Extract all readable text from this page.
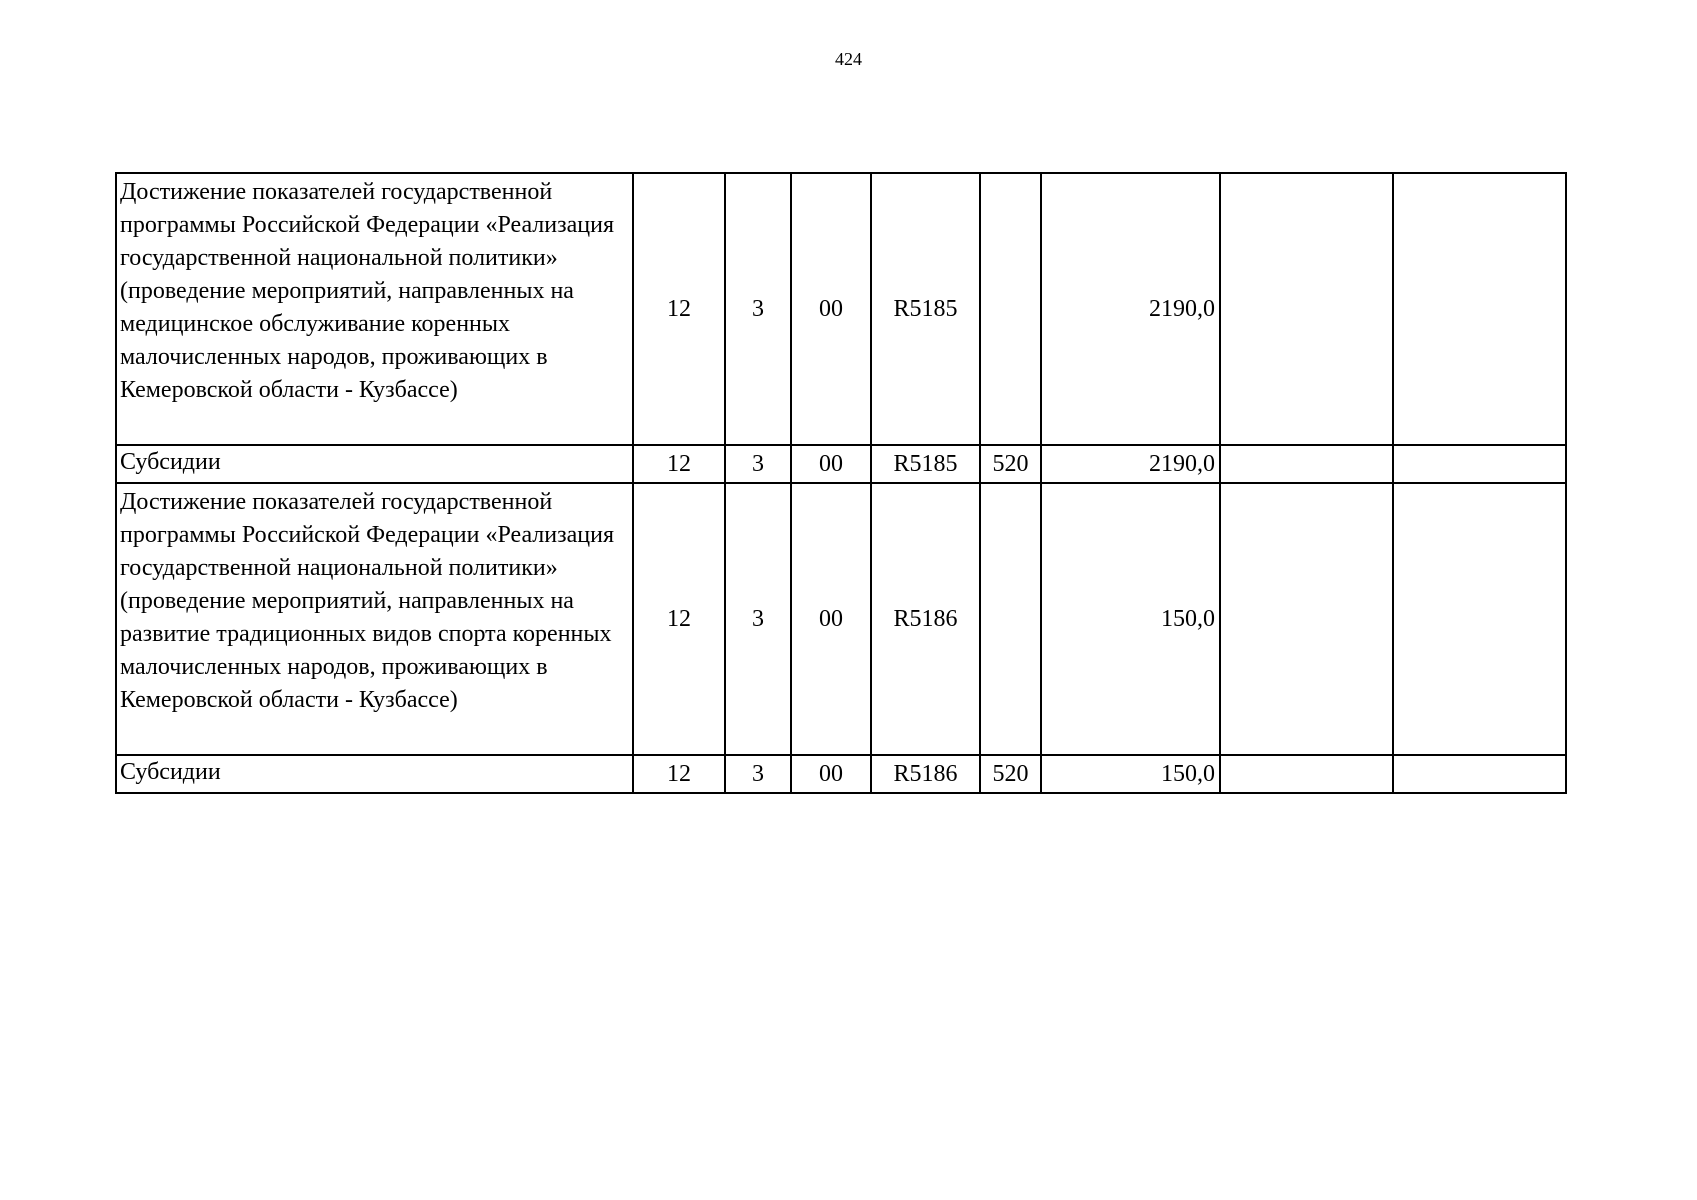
424
Достижение показателей государственной программы Российской Федерации «Реализация государственной национальной политики» (проведение мероприятий, направленных на медицинское обслуживание коренных малочисленных народов, проживающих в Кемеровской области - Кузбассе)	12	3	00	R5185		2190,0		
Субсидии	12	3	00	R5185	520	2190,0		
Достижение показателей государственной программы Российской Федерации «Реализация государственной национальной политики» (проведение мероприятий, направленных на развитие традиционных видов спорта коренных малочисленных народов, проживающих в Кемеровской области - Кузбассе)	12	3	00	R5186		150,0		
Субсидии	12	3	00	R5186	520	150,0		
